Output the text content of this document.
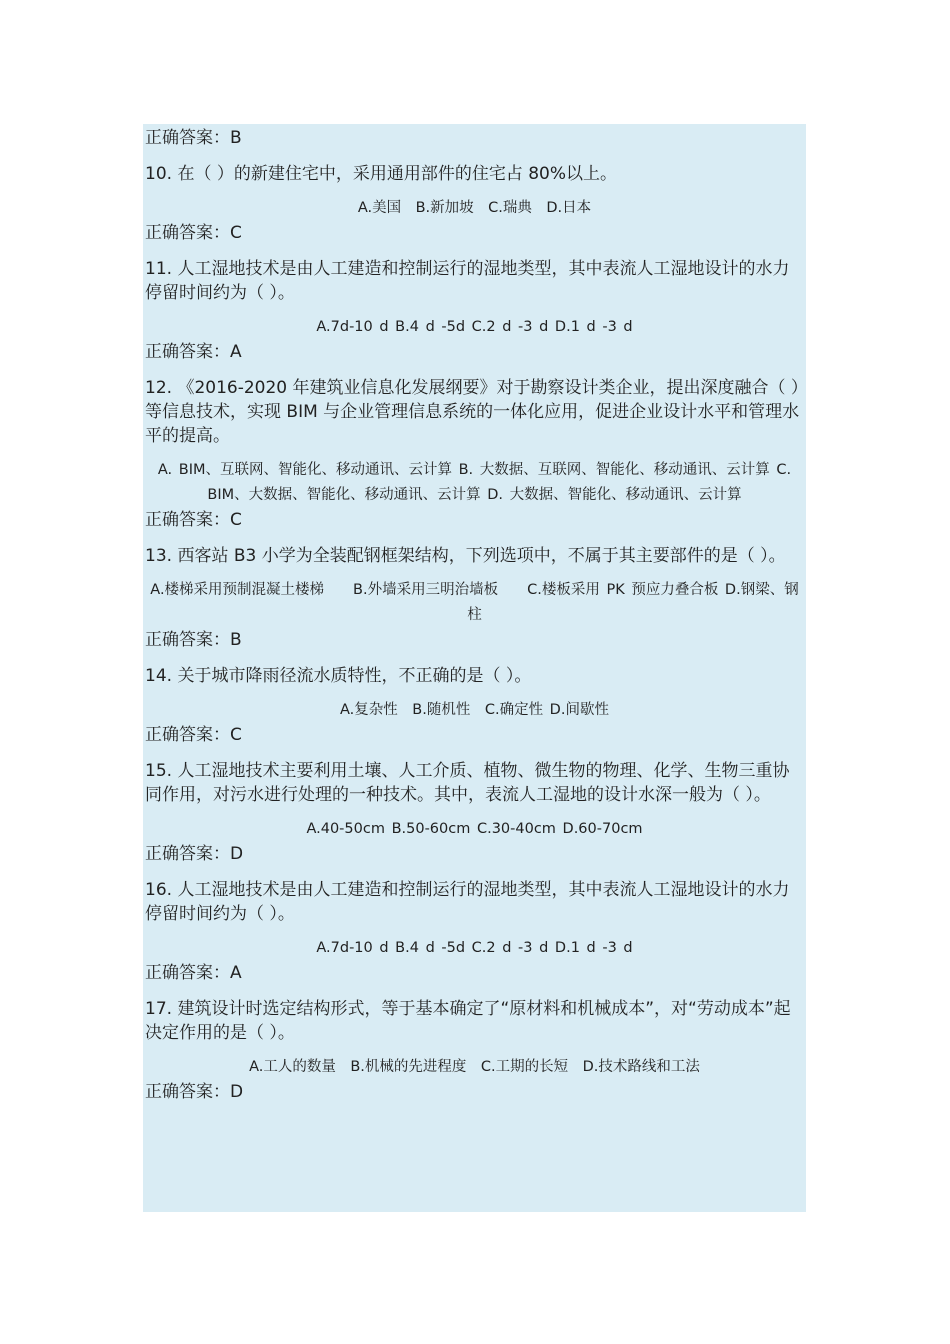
正确答案：B
10. 在（ ）的新建住宅中，采用通用部件的住宅占 80%以上。
A.美国　B.新加坡　C.瑞典　D.日本
正确答案：C
11. 人工湿地技术是由人工建造和控制运行的湿地类型，其中表流人工湿地设计的水力停留时间约为（ ）。
A.7d-10 d B.4 d -5d C.2 d -3 d D.1 d -3 d
正确答案：A
12. 《2016-2020 年建筑业信息化发展纲要》对于勘察设计类企业，提出深度融合（ ）等信息技术，实现 BIM 与企业管理信息系统的一体化应用，促进企业设计水平和管理水平的提高。
A. BIM、互联网、智能化、移动通讯、云计算 B. 大数据、互联网、智能化、移动通讯、云计算 C. BIM、大数据、智能化、移动通讯、云计算 D. 大数据、智能化、移动通讯、云计算
正确答案：C
13. 西客站 B3 小学为全装配钢框架结构，下列选项中，不属于其主要部件的是（ ）。
A.楼梯采用预制混凝土楼梯　　B.外墙采用三明治墙板　　C.楼板采用 PK 预应力叠合板 D.钢梁、钢柱
正确答案：B
14. 关于城市降雨径流水质特性，不正确的是（ ）。
A.复杂性　B.随机性　C.确定性 D.间歇性
正确答案：C
15. 人工湿地技术主要利用土壤、人工介质、植物、微生物的物理、化学、生物三重协同作用，对污水进行处理的一种技术。其中，表流人工湿地的设计水深一般为（ ）。
A.40-50cm B.50-60cm C.30-40cm D.60-70cm
正确答案：D
16. 人工湿地技术是由人工建造和控制运行的湿地类型，其中表流人工湿地设计的水力停留时间约为（ ）。
A.7d-10 d B.4 d -5d C.2 d -3 d D.1 d -3 d
正确答案：A
17. 建筑设计时选定结构形式，等于基本确定了“原材料和机械成本”，对“劳动成本”起决定作用的是（ ）。
A.工人的数量　B.机械的先进程度　C.工期的长短　D.技术路线和工法
正确答案：D
